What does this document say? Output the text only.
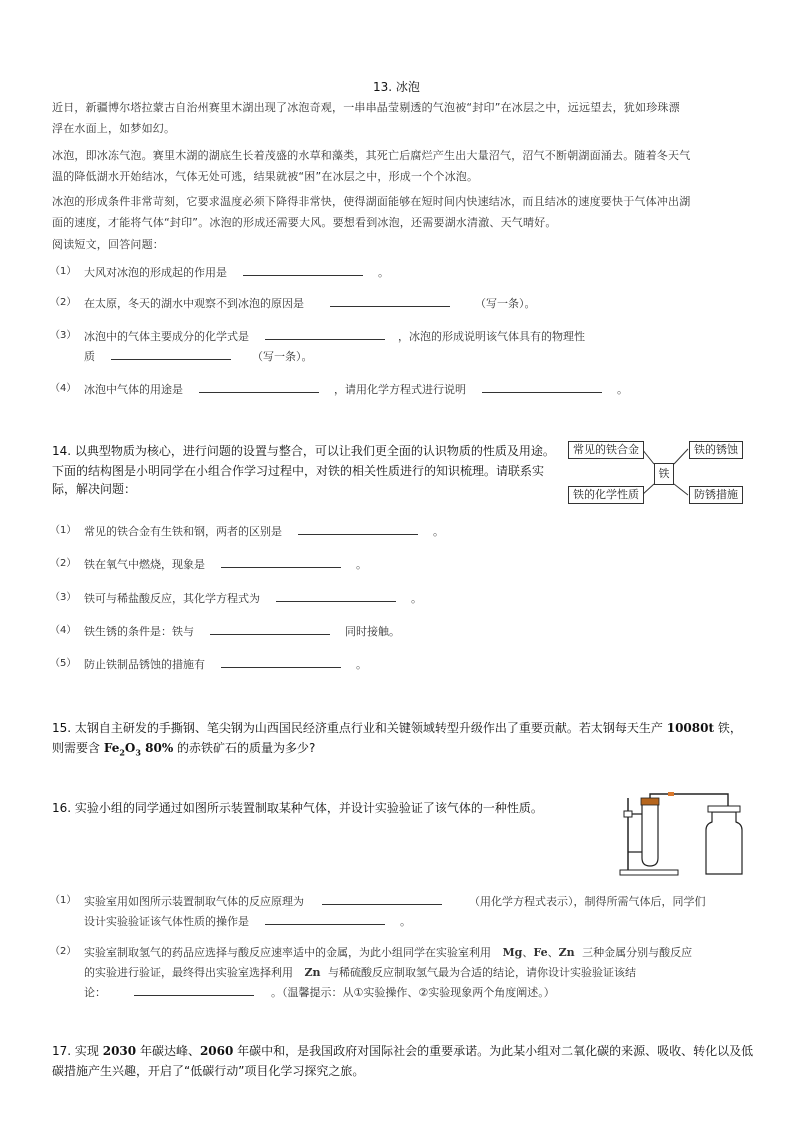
13. 冰泡
近日，新疆博尔塔拉蒙古自治州赛里木湖出现了冰泡奇观，一串串晶莹剔透的气泡被“封印”在冰层之中，远远望去，犹如珍珠漂
浮在水面上，如梦如幻。
冰泡，即冰冻气泡。赛里木湖的湖底生长着茂盛的水草和藻类，其死亡后腐烂产生出大量沼气，沼气不断朝湖面涌去。随着冬天气
温的降低湖水开始结冰，气体无处可逃，结果就被“困”在冰层之中，形成一个个冰泡。
冰泡的形成条件非常苛刻，它要求温度必须下降得非常快，使得湖面能够在短时间内快速结冰，而且结冰的速度要快于气体冲出湖
面的速度，才能将气体“封印”。冰泡的形成还需要大风。要想看到冰泡，还需要湖水清澈、天气晴好。
阅读短文，回答问题：
（1） 大风对冰泡的形成起的作用是	。
（2） 在太原，冬天的湖水中观察不到冰泡的原因是	（写一条）。
（3） 冰泡中的气体主要成分的化学式是	，冰泡的形成说明该气体具有的物理性
质	（写一条）。
（4） 冰泡中气体的用途是	，请用化学方程式进行说明	。
14. 以典型物质为核心，进行问题的设置与整合，可以让我们更全面的认识物质的性质及用途。
下面的结构图是小明同学在小组合作学习过程中，对铁的相关性质进行的知识梳理。请联系实
际，解决问题：
常见的铁合金	铁的锈蚀
铁
铁的化学性质	防锈措施
（1） 常见的铁合金有生铁和钢，两者的区别是	。
（2） 铁在氧气中燃烧，现象是	。
（3） 铁可与稀盐酸反应，其化学方程式为	。
（4） 铁生锈的条件是：铁与	同时接触。
（5） 防止铁制品锈蚀的措施有	。
15. 太钢自主研发的手撕钢、笔尖钢为山西国民经济重点行业和关键领域转型升级作出了重要贡献。若太钢每天生产 10080t 铁，
则需要含 $Fe_2O_3$ 80% 的赤铁矿石的质量为多少?
16. 实验小组的同学通过如图所示装置制取某种气体，并设计实验验证了该气体的一种性质。
（1） 实验室用如图所示装置制取气体的反应原理为	（用化学方程式表示），制得所需气体后，同学们
设计实验验证该气体性质的操作是	。
（2） 实验室制取氢气的药品应选择与酸反应速率适中的金属，为此小组同学在实验室利用 Mg、Fe、Zn 三种金属分别与酸反应
的实验进行验证，最终得出实验室选择利用 Zn 与稀硫酸反应制取氢气最为合适的结论，请你设计实验验证该结
论：	。（温馨提示：从①实验操作、②实验现象两个角度阐述。）
17. 实现 2030 年碳达峰、2060 年碳中和，是我国政府对国际社会的重要承诺。为此某小组对二氧化碳的来源、吸收、转化以及低
碳措施产生兴趣，开启了“低碳行动”项目化学习探究之旅。
